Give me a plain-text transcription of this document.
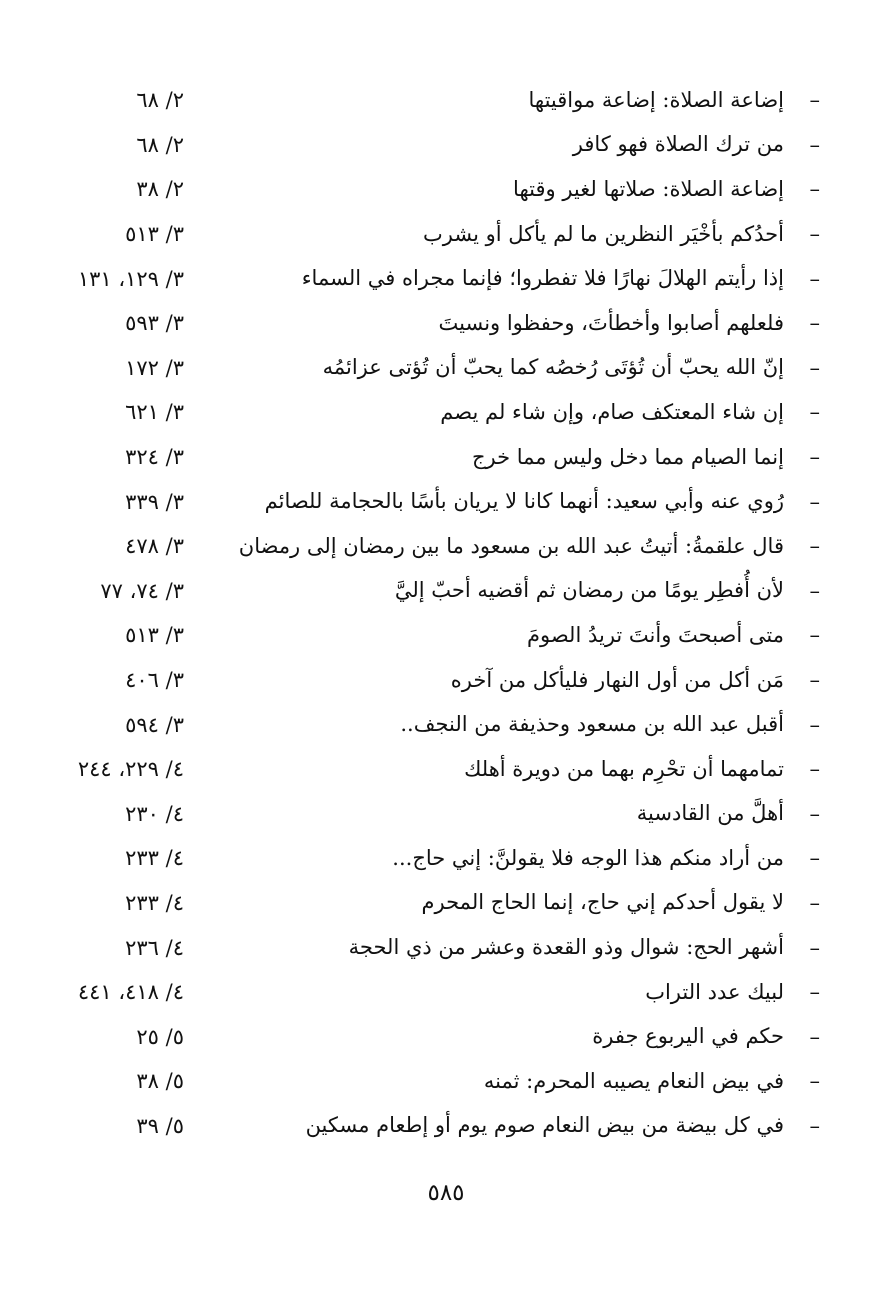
–
إضاعة الصلاة: إضاعة مواقيتها
٢/ ٦٨
–
من ترك الصلاة فهو كافر
٢/ ٦٨
–
إضاعة الصلاة: صلاتها لغير وقتها
٢/ ٣٨
–
أحدُكم بأخْيَر النظرين ما لم يأكل أو يشرب
٣/ ٥١٣
–
إذا رأيتم الهلالَ نهارًا فلا تفطروا؛ فإنما مجراه في السماء
٣/ ١٢٩، ١٣١
–
فلعلهم أصابوا وأخطأتَ، وحفظوا ونسيتَ
٣/ ٥٩٣
–
إنّ الله يحبّ أن تُؤتَى رُخصُه كما يحبّ أن تُؤتى عزائمُه
٣/ ١٧٢
–
إن شاء المعتكف صام، وإن شاء لم يصم
٣/ ٦٢١
–
إنما الصيام مما دخل وليس مما خرج
٣/ ٣٢٤
–
رُوي عنه وأبي سعيد: أنهما كانا لا يريان بأسًا بالحجامة للصائم
٣/ ٣٣٩
–
قال علقمةُ: أتيتُ عبد الله بن مسعود ما بين رمضان إلى رمضان
٣/ ٤٧٨
–
لأن أُفطِر يومًا من رمضان ثم أقضيه أحبّ إليَّ
٣/ ٧٤، ٧٧
–
متى أصبحتَ وأنتَ تريدُ الصومَ
٣/ ٥١٣
–
مَن أكل من أول النهار فليأكل من آخره
٣/ ٤٠٦
–
أقبل عبد الله بن مسعود وحذيفة من النجف..
٣/ ٥٩٤
–
تمامهما أن تحْرِم بهما من دويرة أهلك
٤/ ٢٢٩، ٢٤٤
–
أهلَّ من القادسية
٤/ ٢٣٠
–
من أراد منكم هذا الوجه فلا يقولنَّ: إني حاج...
٤/ ٢٣٣
–
لا يقول أحدكم إني حاج، إنما الحاج المحرم
٤/ ٢٣٣
–
أشهر الحج: شوال وذو القعدة وعشر من ذي الحجة
٤/ ٢٣٦
–
لبيك عدد التراب
٤/ ٤١٨، ٤٤١
–
حكم في اليربوع جفرة
٥/ ٢٥
–
في بيض النعام يصيبه المحرم: ثمنه
٥/ ٣٨
–
في كل بيضة من بيض النعام صوم يوم أو إطعام مسكين
٥/ ٣٩
٥٨٥
